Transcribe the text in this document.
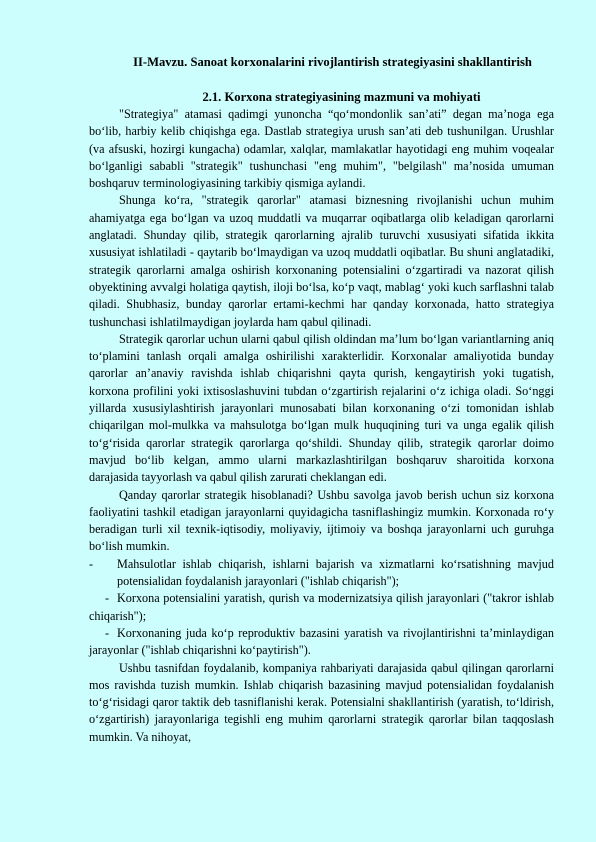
II-Mavzu. Sanoat korxonalarini rivojlantirish strategiyasini shakllantirish
2.1. Korxona strategiyasining mazmuni va mohiyati

"Strategiya" atamasi qadimgi yunoncha “qo‘mondonlik san’ati” degan ma’noga ega bo‘lib, harbiy kelib chiqishga ega. Dastlab strategiya urush san’ati deb tushunilgan. Urushlar (va afsuski, hozirgi kungacha) odamlar, xalqlar, mamlakatlar hayotidagi eng muhim voqealar bo‘lganligi sababli "strategik" tushunchasi "eng muhim", "belgilash" ma’nosida umuman boshqaruv terminologiyasining tarkibiy qismiga aylandi.

Shunga ko‘ra, "strategik qarorlar" atamasi biznesning rivojlanishi uchun muhim ahamiyatga ega bo‘lgan va uzoq muddatli va muqarrar oqibatlarga olib keladigan qarorlarni anglatadi. Shunday qilib, strategik qarorlarning ajralib turuvchi xususiyati sifatida ikkita xususiyat ishlatiladi - qaytarib bo‘lmaydigan va uzoq muddatli oqibatlar. Bu shuni anglatadiki, strategik qarorlarni amalga oshirish korxonaning potensialini o‘zgartiradi va nazorat qilish obyektining avvalgi holatiga qaytish, iloji bo‘lsa, ko‘p vaqt, mablag‘ yoki kuch sarflashni talab qiladi. Shubhasiz, bunday qarorlar ertami-kechmi har qanday korxonada, hatto strategiya tushunchasi ishlatilmaydigan joylarda ham qabul qilinadi.

Strategik qarorlar uchun ularni qabul qilish oldindan ma’lum bo‘lgan variantlarning aniq to‘plamini tanlash orqali amalga oshirilishi xarakterlidir. Korxonalar amaliyotida bunday qarorlar an’anaviy ravishda ishlab chiqarishni qayta qurish, kengaytirish yoki tugatish, korxona profilini yoki ixtisoslashuvini tubdan o‘zgartirish rejalarini o‘z ichiga oladi. So‘nggi yillarda xususiylashtirish jarayonlari munosabati bilan korxonaning o‘zi tomonidan ishlab chiqarilgan mol-mulkka va mahsulotga bo‘lgan mulk huquqining turi va unga egalik qilish to‘g‘risida qarorlar strategik qarorlarga qo‘shildi. Shunday qilib, strategik qarorlar doimo mavjud bo‘lib kelgan, ammo ularni markazlashtirilgan boshqaruv sharoitida korxona darajasida tayyorlash va qabul qilish zarurati cheklangan edi.

Qanday qarorlar strategik hisoblanadi? Ushbu savolga javob berish uchun siz korxona faoliyatini tashkil etadigan jarayonlarni quyidagicha tasniflashingiz mumkin. Korxonada ro‘y beradigan turli xil texnik-iqtisodiy, moliyaviy, ijtimoiy va boshqa jarayonlarni uch guruhga bo‘lish mumkin.

- Mahsulotlar ishlab chiqarish, ishlarni bajarish va xizmatlarni ko‘rsatishning mavjud potensialidan foydalanish jarayonlari ("ishlab chiqarish");
- Korxona potensialini yaratish, qurish va modernizatsiya qilish jarayonlari ("takror ishlab chiqarish");
- Korxonaning juda ko‘p reproduktiv bazasini yaratish va rivojlantirishni ta’minlaydigan jarayonlar ("ishlab chiqarishni ko‘paytirish").

Ushbu tasnifdan foydalanib, kompaniya rahbariyati darajasida qabul qilingan qarorlarni mos ravishda tuzish mumkin. Ishlab chiqarish bazasining mavjud potensialidan foydalanish to‘g‘risidagi qaror taktik deb tasniflanishi kerak. Potensialni shakllantirish (yaratish, to‘ldirish, o‘zgartirish) jarayonlariga tegishli eng muhim qarorlarni strategik qarorlar bilan taqqoslash mumkin. Va nihoyat,
